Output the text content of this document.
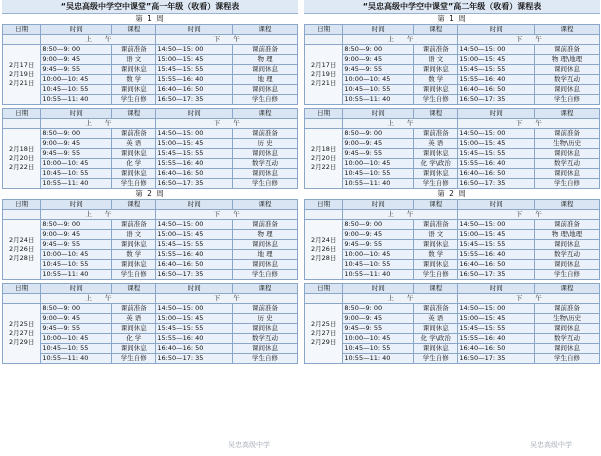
“吴忠高级中学空中课堂”高一年级（收看）课程表
第 1 周
日期	时间	课程	时间	课程
	上　　午		下　　午	

2月17日
2月19日
2月21日	8:50—9: 00	课前准备	14:50—15: 00	课前准备
	9:00—9: 45	语 文	15:00—15: 45	物 理
	9:45—9: 55	课间休息	15:45—15: 55	课间休息
	10:00—10: 45	数 学	15:55—16: 40	地 理
	10:45—10: 55	课间休息	16:40—16: 50	课间休息
	10:55—11: 40	学生自修	16:50—17: 35	学生自修
日期	时间	课程	时间	课程
	上　　午		下　　午	

2月18日
2月20日
2月22日	8:50—9: 00	课前准备	14:50—15: 00	课前准备
	9:00—9: 45	英 语	15:00—15: 45	历 史
	9:45—9: 55	课间休息	15:45—15: 55	课间休息
	10:00—10: 45	化 学	15:55—16: 40	数学互动
	10:45—10: 55	课间休息	16:40—16: 50	课间休息
	10:55—11: 40	学生自修	16:50—17: 35	学生自修
第 2 周
日期	时间	课程	时间	课程
	上　　午		下　　午	

2月24日
2月26日
2月28日	8:50—9: 00	课前准备	14:50—15: 00	课前准备
	9:00—9: 45	语 文	15:00—15: 45	物 理
	9:45—9: 55	课间休息	15:45—15: 55	课间休息
	10:00—10: 45	数 学	15:55—16: 40	地 理
	10:45—10: 55	课间休息	16:40—16: 50	课间休息
	10:55—11: 40	学生自修	16:50—17: 35	学生自修
日期	时间	课程	时间	课程
	上　　午		下　　午	

2月25日
2月27日
2月29日	8:50—9: 00	课前准备	14:50—15: 00	课前准备
	9:00—9: 45	英 语	15:00—15: 45	历 史
	9:45—9: 55	课间休息	15:45—15: 55	课间休息
	10:00—10: 45	化 学	15:55—16: 40	数学互动
	10:45—10: 55	课间休息	16:40—16: 50	课间休息
	10:55—11: 40	学生自修	16:50—17: 35	学生自修
“吴忠高级中学空中课堂”高二年级（收看）课程表
第 1 周
日期	时间	课程	时间	课程
	上　　午		下　　午	

2月17日
2月19日
2月21日	8:50—9: 00	课前准备	14:50—15: 00	课前准备
	9:00—9: 45	语 文	15:00—15: 45	物 理\地理
	9:45—9: 55	课间休息	15:45—15: 55	课间休息
	10:00—10: 45	数 学	15:55—16: 40	数学互动
	10:45—10: 55	课间休息	16:40—16: 50	课间休息
	10:55—11: 40	学生自修	16:50—17: 35	学生自修
日期	时间	课程	时间	课程
	上　　午		下　　午	

2月18日
2月20日
2月22日	8:50—9: 00	课前准备	14:50—15: 00	课前准备
	9:00—9: 45	英 语	15:00—15: 45	生物\历史
	9:45—9: 55	课间休息	15:45—15: 55	课间休息
	10:00—10: 45	化 学\政治	15:55—16: 40	数学互动
	10:45—10: 55	课间休息	16:40—16: 50	课间休息
	10:55—11: 40	学生自修	16:50—17: 35	学生自修
第 2 周
日期	时间	课程	时间	课程
	上　　午		下　　午	

2月24日
2月26日
2月28日	8:50—9: 00	课前准备	14:50—15: 00	课前准备
	9:00—9: 45	语 文	15:00—15: 45	物 理\地理
	9:45—9: 55	课间休息	15:45—15: 55	课间休息
	10:00—10: 45	数 学	15:55—16: 40	数学互动
	10:45—10: 55	课间休息	16:40—16: 50	课间休息
	10:55—11: 40	学生自修	16:50—17: 35	学生自修
日期	时间	课程	时间	课程
	上　　午		下　　午	

2月25日
2月27日
2月29日	8:50—9: 00	课前准备	14:50—15: 00	课前准备
	9:00—9: 45	英 语	15:00—15: 45	生物\历史
	9:45—9: 55	课间休息	15:45—15: 55	课间休息
	10:00—10: 45	化 学\政治	15:55—16: 40	数学互动
	10:45—10: 55	课间休息	16:40—16: 50	课间休息
	10:55—11: 40	学生自修	16:50—17: 35	学生自修
吴忠高级中学	吴忠高级中学
